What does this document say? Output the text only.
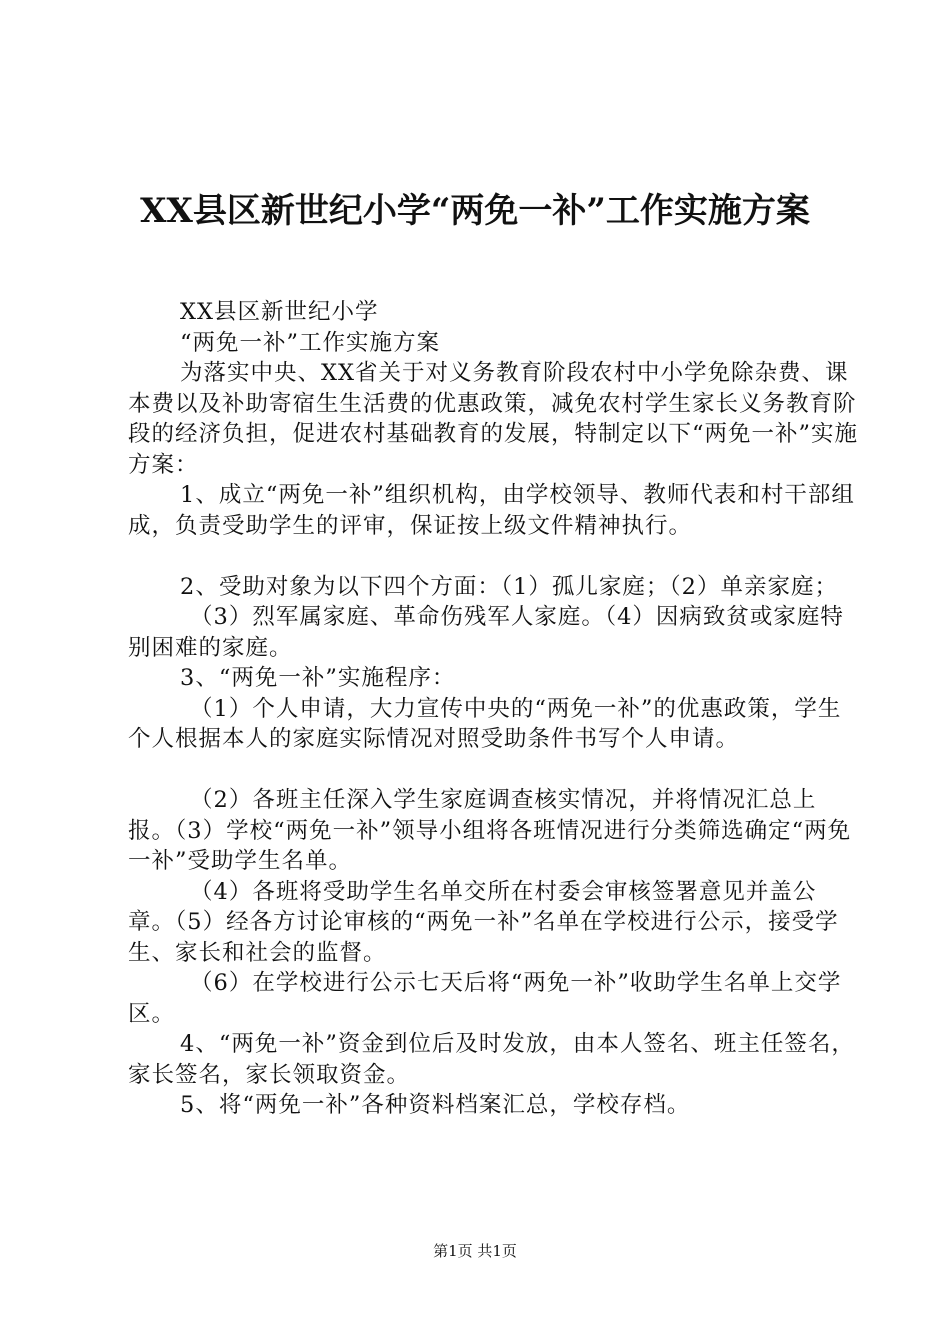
XX县区新世纪小学“两免一补”工作实施方案

XX县区新世纪小学

“两免一补”工作实施方案

为落实中央、XX省关于对义务教育阶段农村中小学免除杂费、课本费以及补助寄宿生生活费的优惠政策，减免农村学生家长义务教育阶段的经济负担，促进农村基础教育的发展，特制定以下“两免一补”实施方案：

1、成立“两免一补”组织机构，由学校领导、教师代表和村干部组成，负责受助学生的评审，保证按上级文件精神执行。

2、受助对象为以下四个方面：（1）孤儿家庭；（2）单亲家庭；

（3）烈军属家庭、革命伤残军人家庭。（4）因病致贫或家庭特别困难的家庭。

3、“两免一补”实施程序：

（1）个人申请，大力宣传中央的“两免一补”的优惠政策，学生个人根据本人的家庭实际情况对照受助条件书写个人申请。

（2）各班主任深入学生家庭调查核实情况，并将情况汇总上报。（3）学校“两免一补”领导小组将各班情况进行分类筛选确定“两免一补”受助学生名单。

（4）各班将受助学生名单交所在村委会审核签署意见并盖公章。（5）经各方讨论审核的“两免一补”名单在学校进行公示，接受学生、家长和社会的监督。

（6）在学校进行公示七天后将“两免一补”收助学生名单上交学区。

4、“两免一补”资金到位后及时发放，由本人签名、班主任签名，家长签名，家长领取资金。

5、将“两免一补”各种资料档案汇总，学校存档。

第1页 共1页
